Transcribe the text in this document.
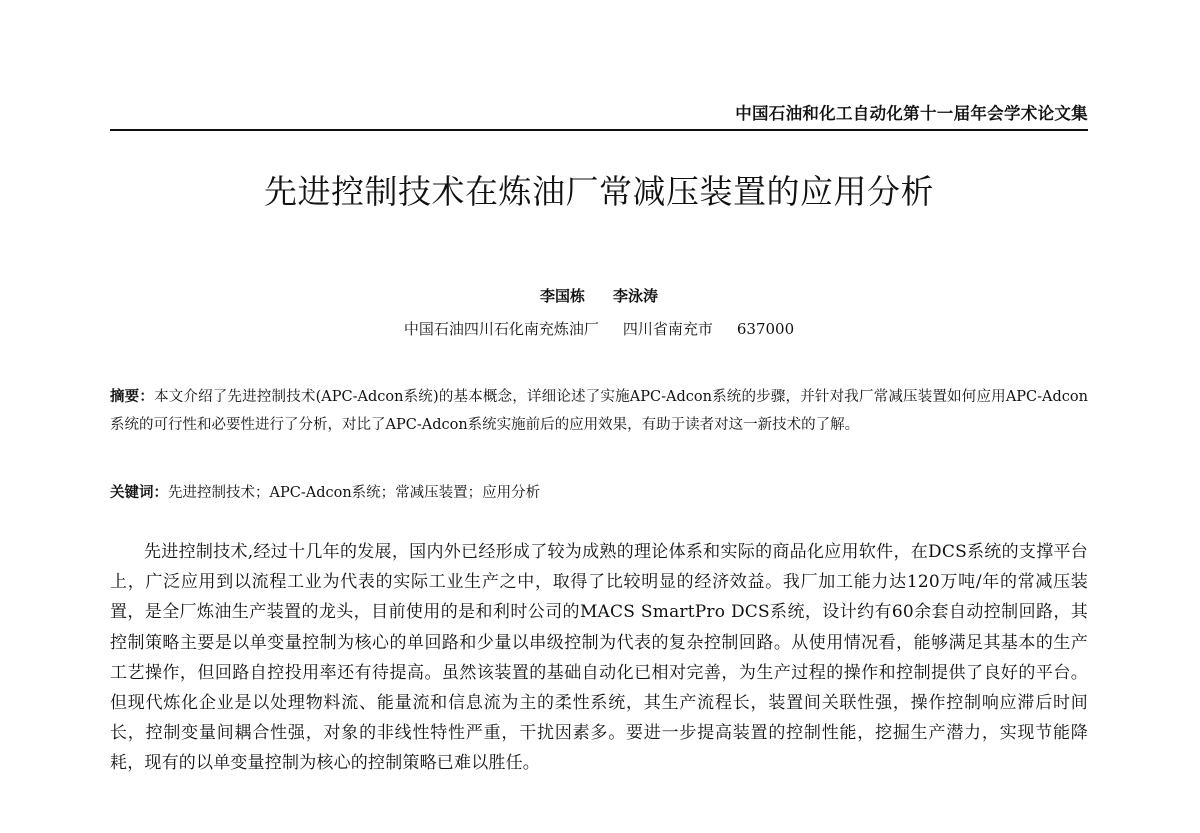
中国石油和化工自动化第十一届年会学术论文集
先进控制技术在炼油厂常减压装置的应用分析
李国栋 李泳涛
中国石油四川石化南充炼油厂 四川省南充市 637000
摘要：本文介绍了先进控制技术(APC-Adcon系统)的基本概念，详细论述了实施APC-Adcon系统的步骤，并针对我厂常减压装置如何应用APC-Adcon系统的可行性和必要性进行了分析，对比了APC-Adcon系统实施前后的应用效果，有助于读者对这一新技术的了解。
关键词：先进控制技术；APC-Adcon系统；常减压装置；应用分析

先进控制技术,经过十几年的发展，国内外已经形成了较为成熟的理论体系和实际的商品化应用软件，在DCS系统的支撑平台上，广泛应用到以流程工业为代表的实际工业生产之中，取得了比较明显的经济效益。我厂加工能力达120万吨/年的常减压装置，是全厂炼油生产装置的龙头，目前使用的是和利时公司的MACS SmartPro DCS系统，设计约有60余套自动控制回路，其控制策略主要是以单变量控制为核心的单回路和少量以串级控制为代表的复杂控制回路。从使用情况看，能够满足其基本的生产工艺操作，但回路自控投用率还有待提高。虽然该装置的基础自动化已相对完善，为生产过程的操作和控制提供了良好的平台。但现代炼化企业是以处理物料流、能量流和信息流为主的柔性系统，其生产流程长，装置间关联性强，操作控制响应滞后时间长，控制变量间耦合性强，对象的非线性特性严重，干扰因素多。要进一步提高装置的控制性能，挖掘生产潜力，实现节能降耗，现有的以单变量控制为核心的控制策略已难以胜任。
